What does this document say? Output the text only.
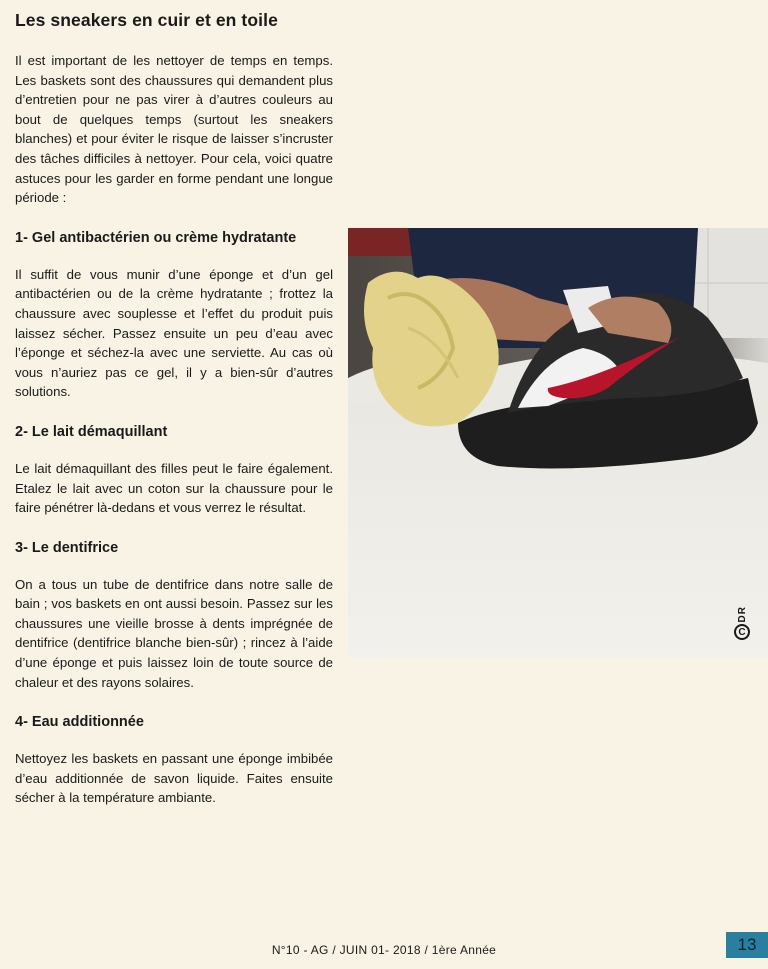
Les sneakers en cuir et en toile

Il est important de les nettoyer de temps en temps. Les baskets sont des chaussures qui demandent plus d’entretien pour ne pas virer à d’autres couleurs au bout de quelques temps (surtout les sneakers blanches) et pour éviter le risque de laisser s’incruster des tâches difficiles à nettoyer. Pour cela, voici quatre astuces pour les garder en forme pendant une longue période :

1- Gel antibactérien ou crème hydratante

Il suffit de vous munir d’une éponge et d’un gel antibactérien ou de la crème hydratante ; frottez la chaussure avec souplesse et l’effet du produit puis laissez sécher. Passez ensuite un peu d’eau avec l’éponge et séchez-la avec une serviette. Au cas où vous n’auriez pas ce gel, il y a bien-sûr d’autres solutions.

2- Le lait démaquillant

Le lait démaquillant des filles peut le faire également. Etalez le lait avec un coton sur la chaussure pour le faire pénétrer là-dedans et vous verrez le résultat.

3- Le dentifrice

On a tous un tube de dentifrice dans notre salle de bain ; vos baskets en ont aussi besoin. Passez sur les chaussures une vieille brosse à dents imprégnée de dentifrice (dentifrice blanche bien-sûr) ; rincez à l’aide d’une éponge et puis laissez loin de toute source de chaleur et des rayons solaires.

4- Eau additionnée

Nettoyez les baskets en passant une éponge imbibée d’eau additionnée de savon liquide. Faites ensuite sécher à la température ambiante.

DR
C
N°10 - AG / JUIN 01- 2018 / 1ère Année	13
